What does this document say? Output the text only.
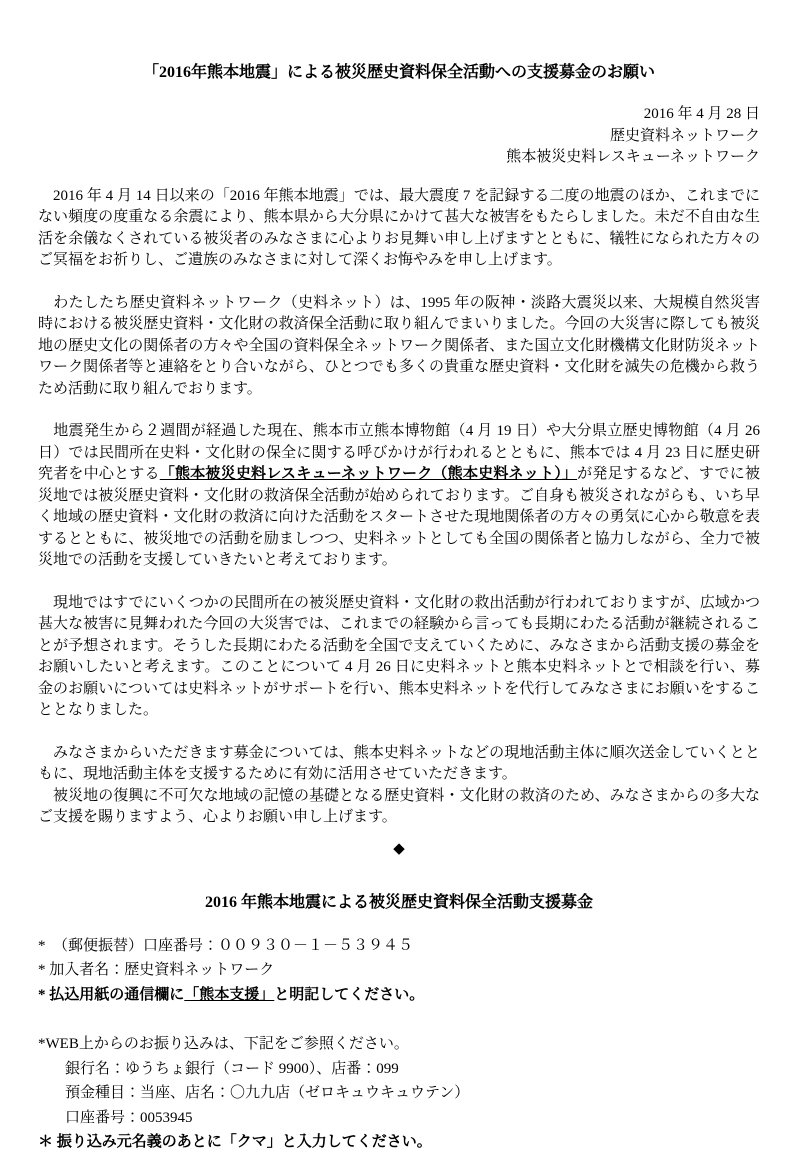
「2016年熊本地震」による被災歴史資料保全活動への支援募金のお願い
2016 年 4 月 28 日
歴史資料ネットワーク
熊本被災史料レスキューネットワーク

　2016 年 4 月 14 日以来の「2016 年熊本地震」では、最大震度 7 を記録する二度の地震のほか、これまでにない頻度の度重なる余震により、熊本県から大分県にかけて甚大な被害をもたらしました。未だ不自由な生活を余儀なくされている被災者のみなさまに心よりお見舞い申し上げますとともに、犠牲になられた方々のご冥福をお祈りし、ご遺族のみなさまに対して深くお悔やみを申し上げます。

　わたしたち歴史資料ネットワーク（史料ネット）は、1995 年の阪神・淡路大震災以来、大規模自然災害時における被災歴史資料・文化財の救済保全活動に取り組んでまいりました。今回の大災害に際しても被災地の歴史文化の関係者の方々や全国の資料保全ネットワーク関係者、また国立文化財機構文化財防災ネットワーク関係者等と連絡をとり合いながら、ひとつでも多くの貴重な歴史資料・文化財を滅失の危機から救うため活動に取り組んでおります。

　地震発生から２週間が経過した現在、熊本市立熊本博物館（4 月 19 日）や大分県立歴史博物館（4 月 26 日）では民間所在史料・文化財の保全に関する呼びかけが行われるとともに、熊本では 4 月 23 日に歴史研究者を中心とする「熊本被災史料レスキューネットワーク（熊本史料ネット）」が発足するなど、すでに被災地では被災歴史資料・文化財の救済保全活動が始められております。ご自身も被災されながらも、いち早く地域の歴史資料・文化財の救済に向けた活動をスタートさせた現地関係者の方々の勇気に心から敬意を表するとともに、被災地での活動を励ましつつ、史料ネットとしても全国の関係者と協力しながら、全力で被災地での活動を支援していきたいと考えております。

　現地ではすでにいくつかの民間所在の被災歴史資料・文化財の救出活動が行われておりますが、広域かつ甚大な被害に見舞われた今回の大災害では、これまでの経験から言っても長期にわたる活動が継続されることが予想されます。そうした長期にわたる活動を全国で支えていくために、みなさまから活動支援の募金をお願いしたいと考えます。このことについて 4 月 26 日に史料ネットと熊本史料ネットとで相談を行い、募金のお願いについては史料ネットがサポートを行い、熊本史料ネットを代行してみなさまにお願いをすることとなりました。

　みなさまからいただきます募金については、熊本史料ネットなどの現地活動主体に順次送金していくとともに、現地活動主体を支援するために有効に活用させていただきます。

　被災地の復興に不可欠な地域の記憶の基礎となる歴史資料・文化財の救済のため、みなさまからの多大なご支援を賜りますよう、心よりお願い申し上げます。

◆
2016 年熊本地震による被災歴史資料保全活動支援募金
*　（郵便振替）口座番号：００９３０－１－５３９４５
* 加入者名：歴史資料ネットワーク
* 払込用紙の通信欄に「熊本支援」と明記してください。
*WEB上からのお振り込みは、下記をご参照ください。
銀行名：ゆうちょ銀行（コード 9900）、店番：099
預金種目：当座、店名：〇九九店（ゼロキュウキュウテン）
口座番号：0053945
＊ 振り込み元名義のあとに「クマ」と入力してください。
